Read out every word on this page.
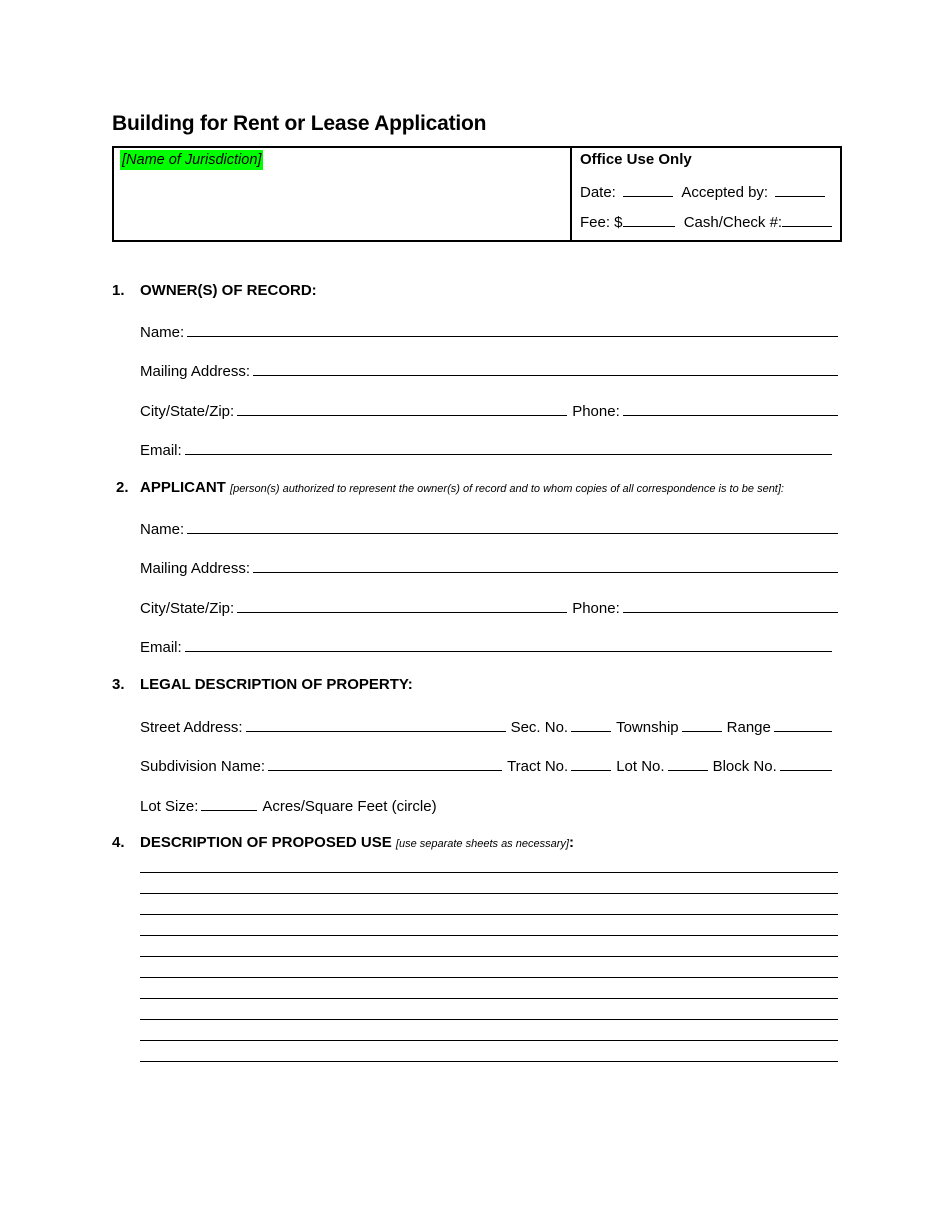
Building for Rent or Lease Application
[Name of Jurisdiction]	Office Use Only
Date:	Accepted by:
Fee: $	Cash/Check #:
1. OWNER(S) OF RECORD:
Name:
Mailing Address:
City/State/Zip:	Phone:
Email:
2. APPLICANT [person(s) authorized to represent the owner(s) of record and to whom copies of all correspondence is to be sent]:
Name:
Mailing Address:
City/State/Zip:	Phone:
Email:
3. LEGAL DESCRIPTION OF PROPERTY:
Street Address:	Sec. No.	Township	Range
Subdivision Name:	Tract No.	Lot No.	Block No.
Lot Size:	Acres/Square Feet (circle)
4. DESCRIPTION OF PROPOSED USE [use separate sheets as necessary]:
